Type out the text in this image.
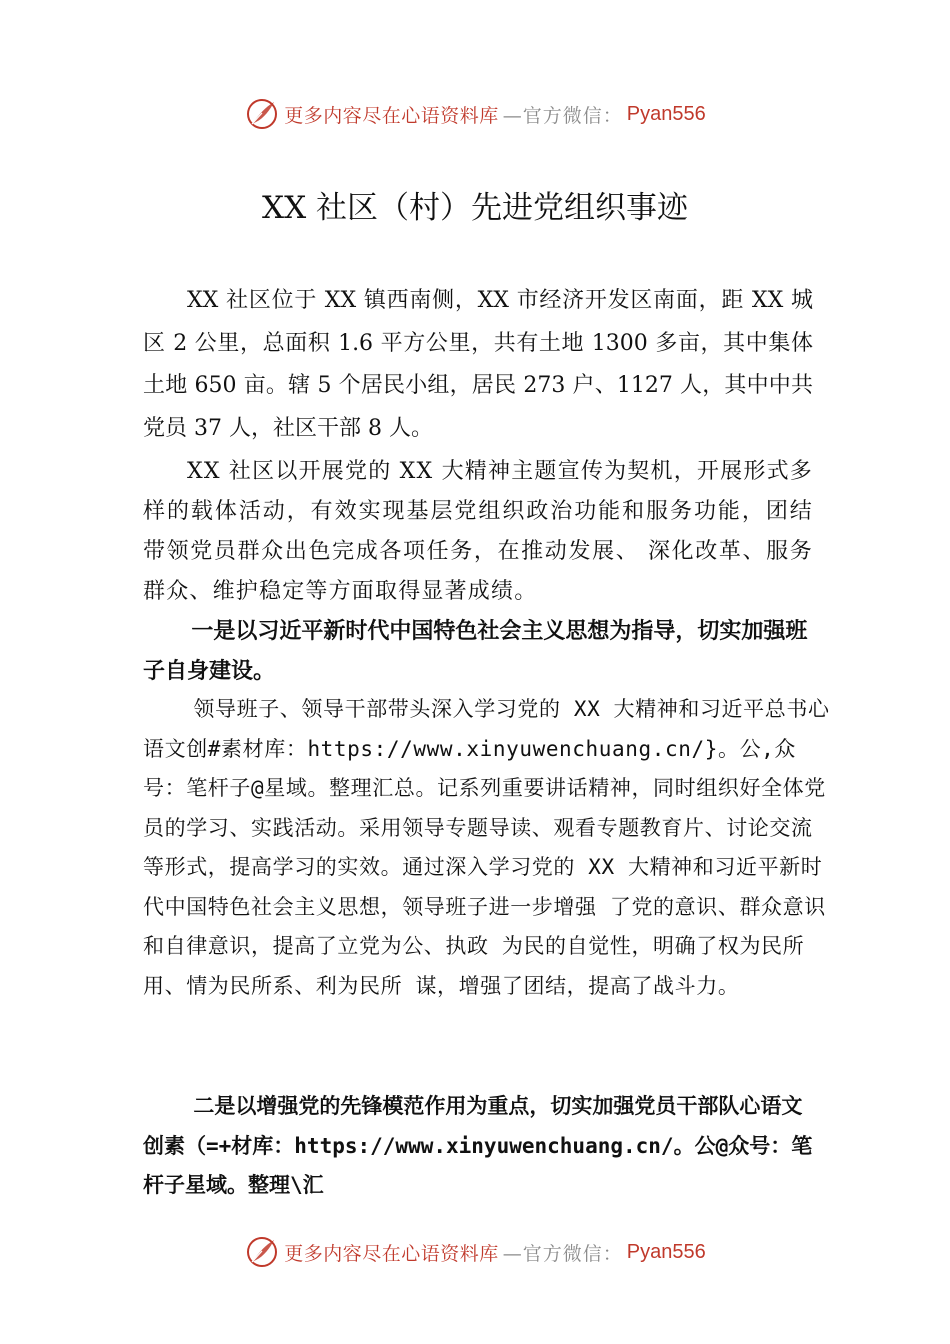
更多内容尽在心语资料库 —官方微信： Pyan556
XX 社区（村）先进党组织事迹

XX 社区位于 XX 镇西南侧，XX 市经济开发区南面，距 XX 城区 2 公里，总面积 1.6 平方公里，共有土地 1300 多亩，其中集体土地 650 亩。辖 5 个居民小组，居民 273 户、1127 人，其中中共党员 37 人，社区干部 8 人。

XX 社区以开展党的 XX 大精神主题宣传为契机，开展形式多样的载体活动，有效实现基层党组织政治功能和服务功能，团结带领党员群众出色完成各项任务，在推动发展、 深化改革、服务群众、维护稳定等方面取得显著成绩。

一是以习近平新时代中国特色社会主义思想为指导，切实加强班子自身建设。

领导班子、领导干部带头深入学习党的 XX 大精神和习近平总书心语文创#素材库：https://www.xinyuwenchuang.cn/}。公,众号：笔杆子@星域。整理汇总。记系列重要讲话精神，同时组织好全体党员的学习、实践活动。采用领导专题导读、观看专题教育片、讨论交流 等形式，提高学习的实效。通过深入学习党的 XX 大精神和习近平新时代中国特色社会主义思想，领导班子进一步增强 了党的意识、群众意识和自律意识，提高了立党为公、执政 为民的自觉性，明确了权为民所用、情为民所系、利为民所 谋，增强了团结，提高了战斗力。

二是以增强党的先锋模范作用为重点，切实加强党员干部队心语文创素（=+材库：https://www.xinyuwenchuang.cn/。公@众号：笔杆子星域。整理\汇

更多内容尽在心语资料库 —官方微信： Pyan556
